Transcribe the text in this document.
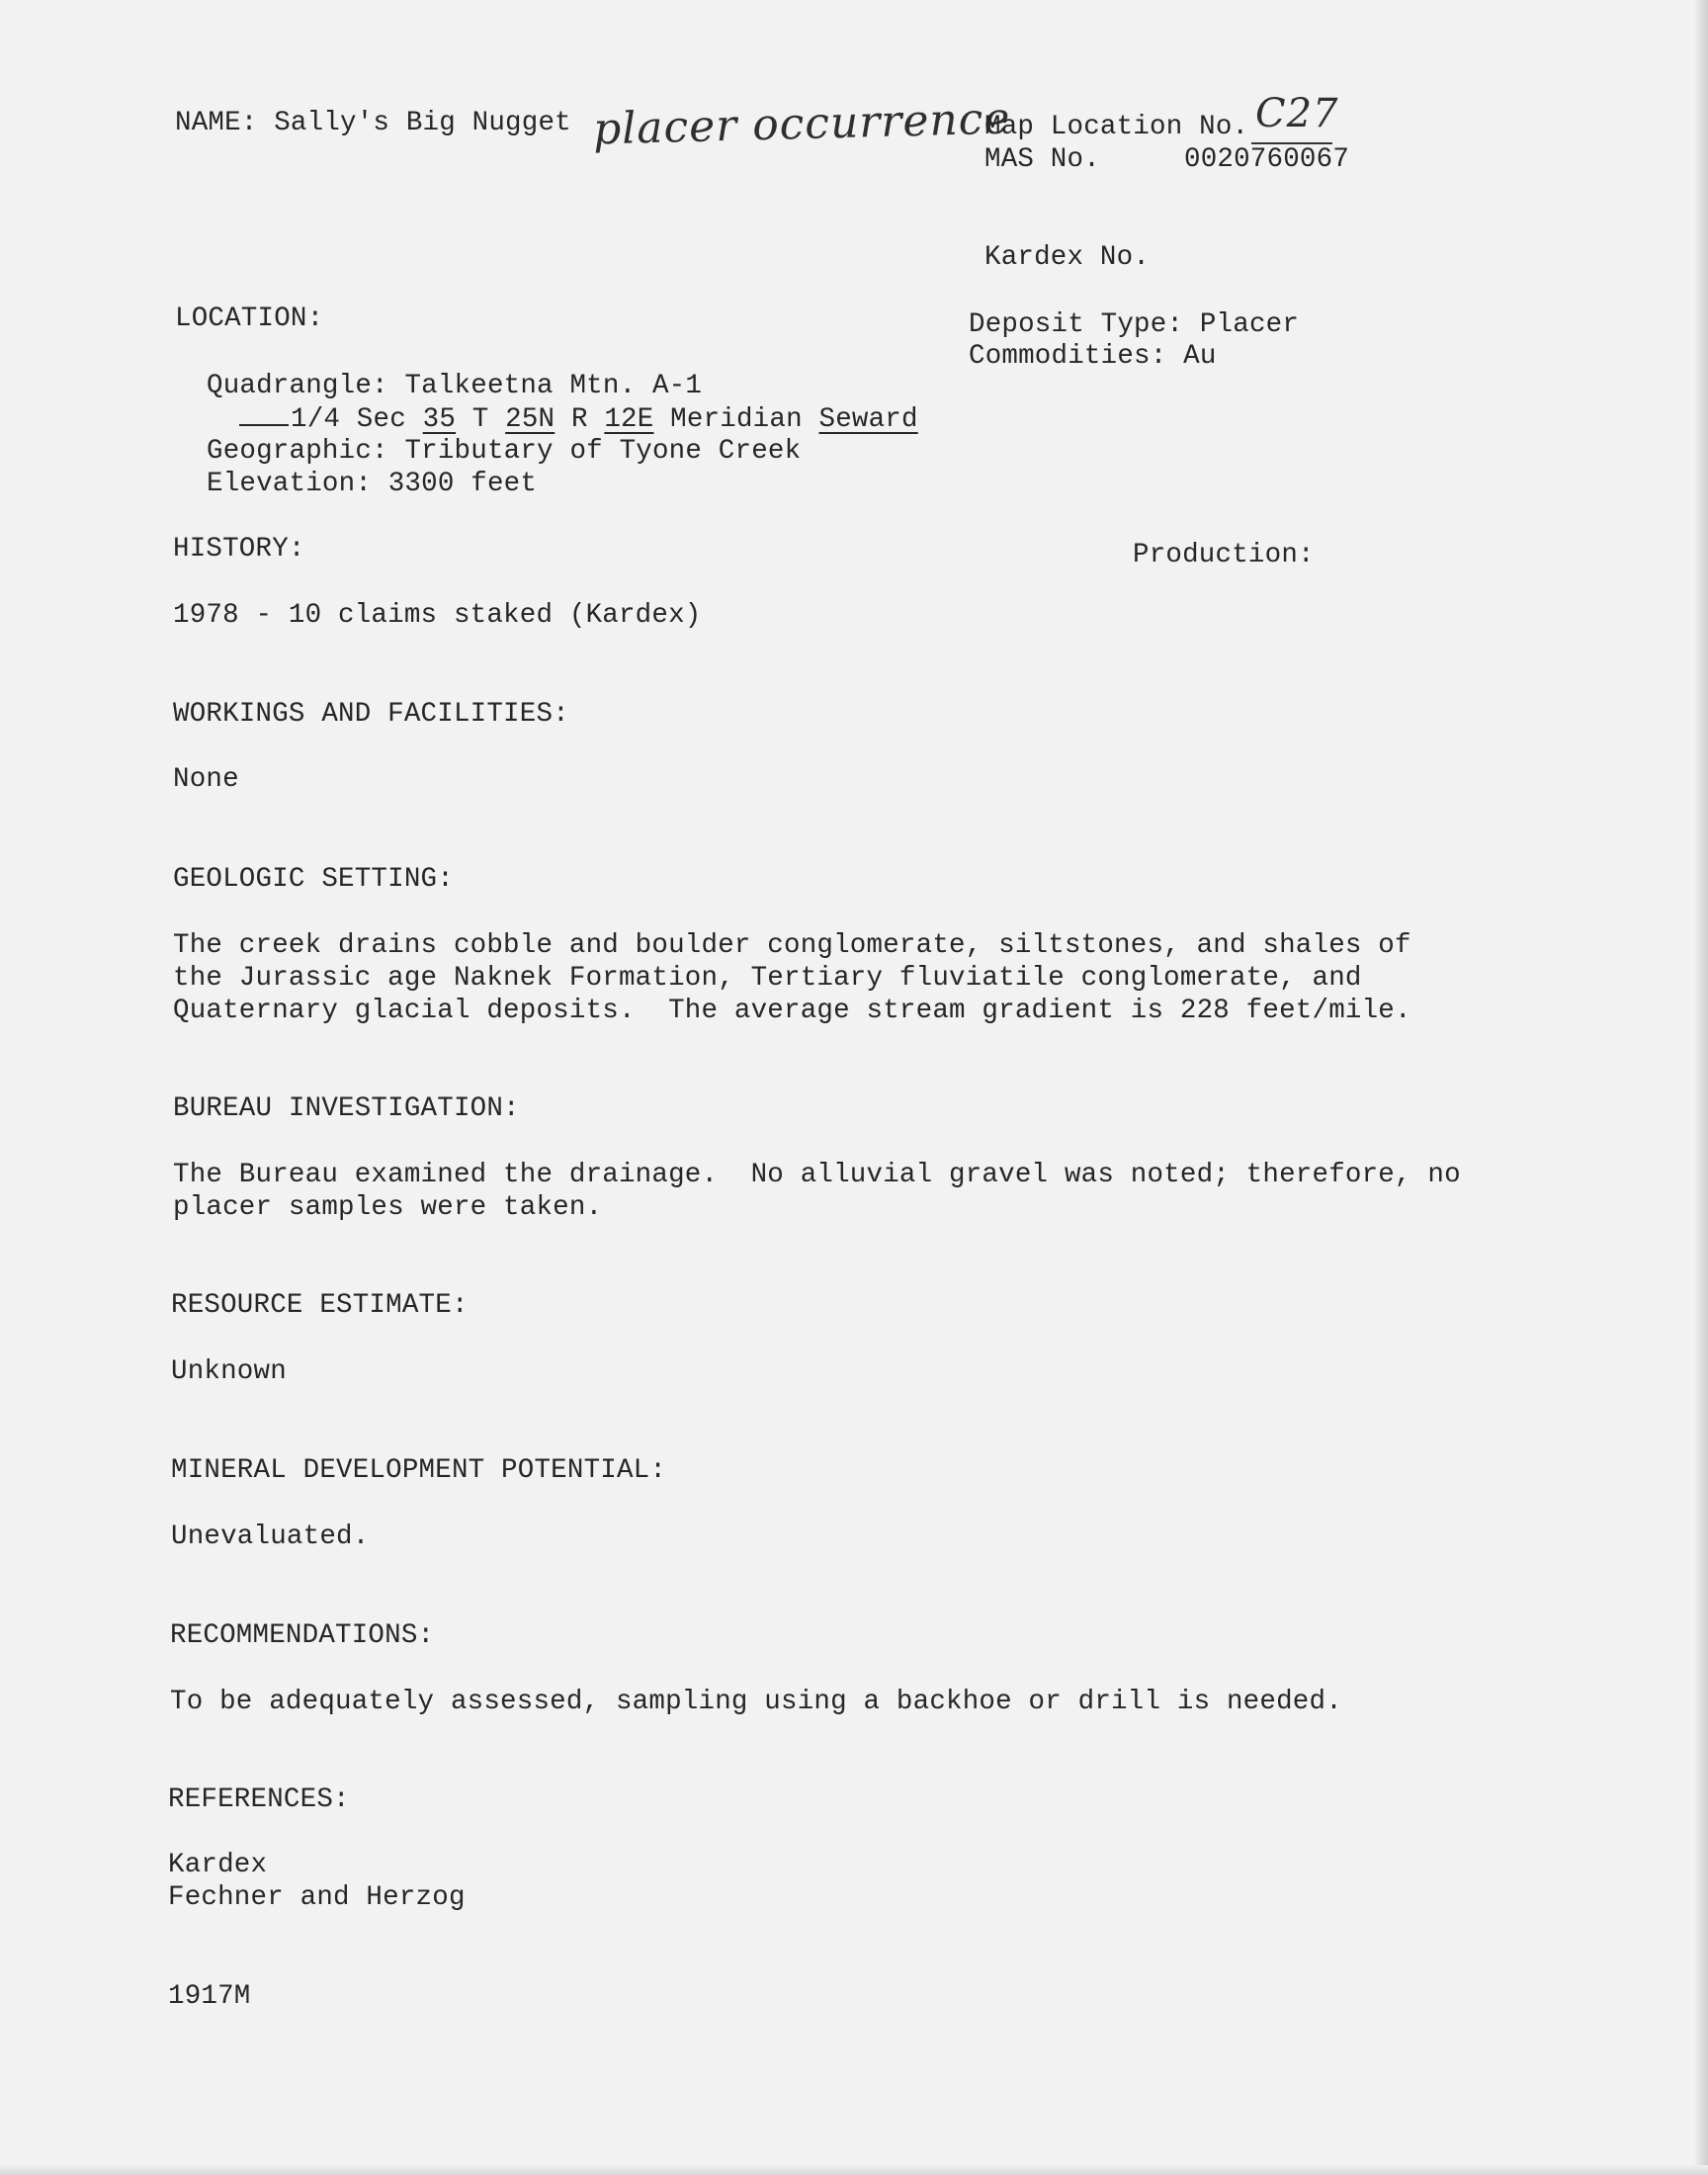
NAME: Sally's Big Nugget placer occurrence
Map Location No. C27
MAS No.	0020760067
Kardex No.
LOCATION:	Deposit Type: Placer
Commodities: Au
Quadrangle: Talkeetna Mtn. A-1
1/4 Sec 35 T 25N R 12E Meridian Seward
Geographic: Tributary of Tyone Creek
Elevation: 3300 feet
HISTORY:	Production:
1978 - 10 claims staked (Kardex)
WORKINGS AND FACILITIES:
None
GEOLOGIC SETTING:
The creek drains cobble and boulder conglomerate, siltstones, and shales of
the Jurassic age Naknek Formation, Tertiary fluviatile conglomerate, and
Quaternary glacial deposits.  The average stream gradient is 228 feet/mile.
BUREAU INVESTIGATION:
The Bureau examined the drainage.  No alluvial gravel was noted; therefore, no
placer samples were taken.
RESOURCE ESTIMATE:
Unknown
MINERAL DEVELOPMENT POTENTIAL:
Unevaluated.
RECOMMENDATIONS:
To be adequately assessed, sampling using a backhoe or drill is needed.
REFERENCES:
Kardex
Fechner and Herzog
1917M
